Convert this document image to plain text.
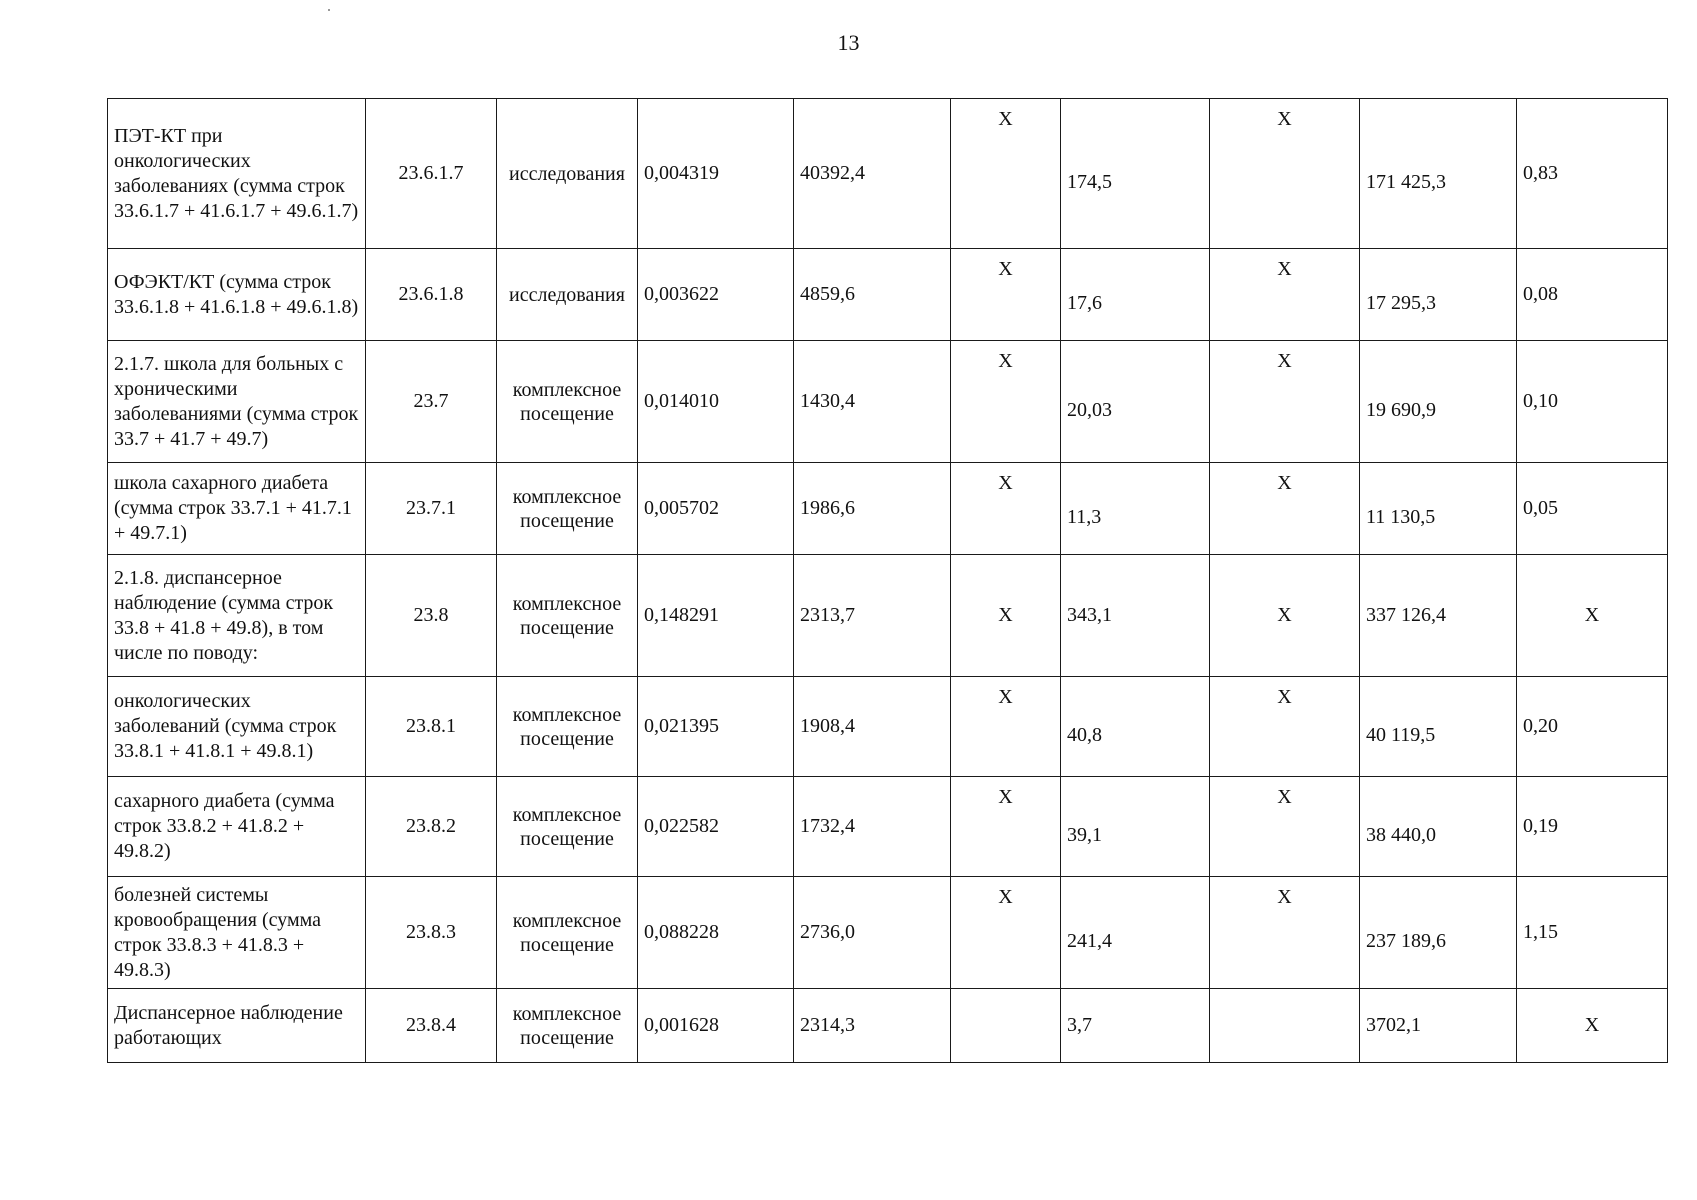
13
ПЭТ-КТ при онкологических заболеваниях (сумма строк 33.6.1.7 + 41.6.1.7 + 49.6.1.7)	23.6.1.7	исследования	0,004319	40392,4	X	174,5	X	171 425,3	0,83
ОФЭКТ/КТ (сумма строк 33.6.1.8 + 41.6.1.8 + 49.6.1.8)	23.6.1.8	исследования	0,003622	4859,6	X	17,6	X	17 295,3	0,08
2.1.7. школа для больных с хроническими заболеваниями (сумма строк 33.7 + 41.7 + 49.7)	23.7	комплексное посещение	0,014010	1430,4	X	20,03	X	19 690,9	0,10
школа сахарного диабета (сумма строк 33.7.1 + 41.7.1 + 49.7.1)	23.7.1	комплексное посещение	0,005702	1986,6	X	11,3	X	11 130,5	0,05
2.1.8. диспансерное наблюдение (сумма строк 33.8 + 41.8 + 49.8), в том числе по поводу:	23.8	комплексное посещение	0,148291	2313,7	X	343,1	X	337 126,4	X
онкологических заболеваний (сумма строк 33.8.1 + 41.8.1 + 49.8.1)	23.8.1	комплексное посещение	0,021395	1908,4	X	40,8	X	40 119,5	0,20
сахарного диабета (сумма строк 33.8.2 + 41.8.2 + 49.8.2)	23.8.2	комплексное посещение	0,022582	1732,4	X	39,1	X	38 440,0	0,19
болезней системы кровообращения (сумма строк 33.8.3 + 41.8.3 + 49.8.3)	23.8.3	комплексное посещение	0,088228	2736,0	X	241,4	X	237 189,6	1,15
Диспансерное наблюдение работающих	23.8.4	комплексное посещение	0,001628	2314,3		3,7		3702,1	X
